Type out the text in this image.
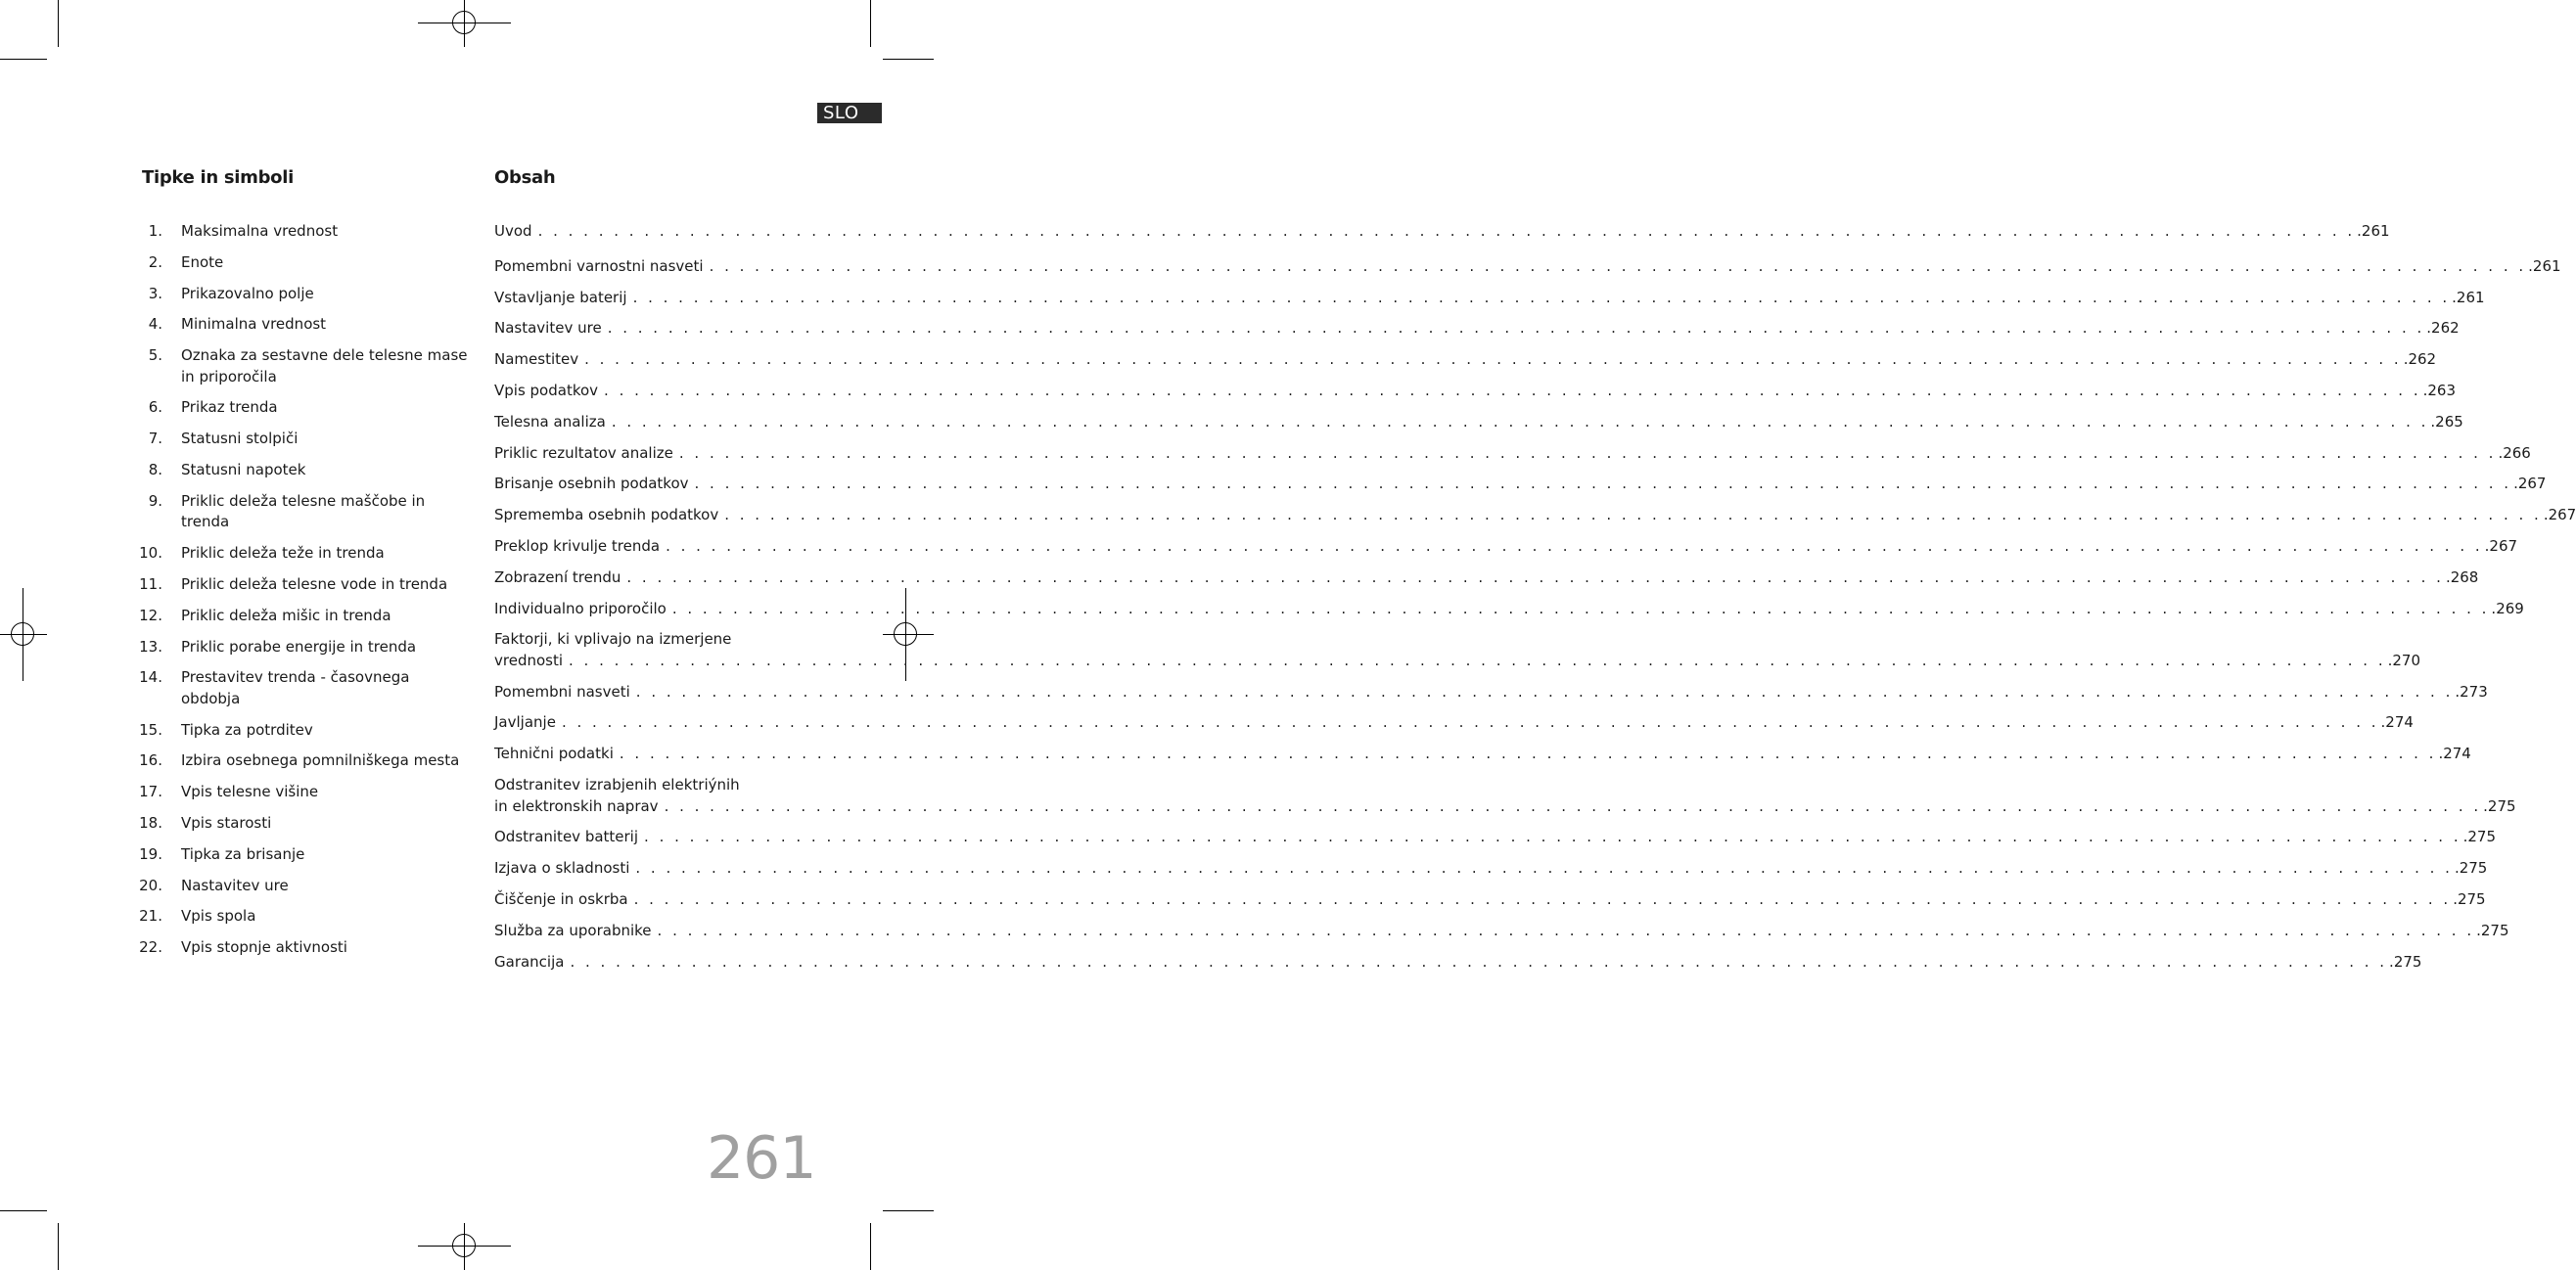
SLO
Tipke in simboli
1. Maksimalna vrednost
2. Enote
3. Prikazovalno polje
4. Minimalna vrednost
5. Oznaka za sestavne dele telesne mase in priporočila
6. Prikaz trenda
7. Statusni stolpiči
8. Statusni napotek
9. Priklic deleža telesne maščobe in trenda
10. Priklic deleža teže in trenda
11. Priklic deleža telesne vode in trenda
12. Priklic deleža mišic in trenda
13. Priklic porabe energije in trenda
14. Prestavitev trenda - časovnega obdobja
15. Tipka za potrditev
16. Izbira osebnega pomnilniškega mesta
17. Vpis telesne višine
18. Vpis starosti
19. Tipka za brisanje
20. Nastavitev ure
21. Vpis spola
22. Vpis stopnje aktivnosti
Obsah
Uvod . . . . . . . . . . . . . . . . . . . . . . . . . . . . . . . . . . . . . . . . . . . . . . . . . . . . . . . . . . . . . . . . . . . . . . . . . . . . . . . . . . . . . . . . . . . . . . . . . . . . . . . . . . . . . . . . . . . . . . . . .261
Pomembni varnostni nasveti . . . . . . . . . . . . . . . . . . . . . . . . . . . . . . . . . . . . . . . . . . . . . . . . . . . . . . . . . . . . . . . . . . . . . . . . . . . . . . . . . . . . . . . . . . . . . . . . . . . . . . . . . . . . . . . . . . . . . . . . .261
Vstavljanje baterij . . . . . . . . . . . . . . . . . . . . . . . . . . . . . . . . . . . . . . . . . . . . . . . . . . . . . . . . . . . . . . . . . . . . . . . . . . . . . . . . . . . . . . . . . . . . . . . . . . . . . . . . . . . . . . . . . . . . . . . . .261
Nastavitev ure . . . . . . . . . . . . . . . . . . . . . . . . . . . . . . . . . . . . . . . . . . . . . . . . . . . . . . . . . . . . . . . . . . . . . . . . . . . . . . . . . . . . . . . . . . . . . . . . . . . . . . . . . . . . . . . . . . . . . . . . .262
Namestitev . . . . . . . . . . . . . . . . . . . . . . . . . . . . . . . . . . . . . . . . . . . . . . . . . . . . . . . . . . . . . . . . . . . . . . . . . . . . . . . . . . . . . . . . . . . . . . . . . . . . . . . . . . . . . . . . . . . . . . . . .262
Vpis podatkov . . . . . . . . . . . . . . . . . . . . . . . . . . . . . . . . . . . . . . . . . . . . . . . . . . . . . . . . . . . . . . . . . . . . . . . . . . . . . . . . . . . . . . . . . . . . . . . . . . . . . . . . . . . . . . . . . . . . . . . . .263
Telesna analiza . . . . . . . . . . . . . . . . . . . . . . . . . . . . . . . . . . . . . . . . . . . . . . . . . . . . . . . . . . . . . . . . . . . . . . . . . . . . . . . . . . . . . . . . . . . . . . . . . . . . . . . . . . . . . . . . . . . . . . . . .265
Priklic rezultatov analize . . . . . . . . . . . . . . . . . . . . . . . . . . . . . . . . . . . . . . . . . . . . . . . . . . . . . . . . . . . . . . . . . . . . . . . . . . . . . . . . . . . . . . . . . . . . . . . . . . . . . . . . . . . . . . . . . . . . . . . . .266
Brisanje osebnih podatkov . . . . . . . . . . . . . . . . . . . . . . . . . . . . . . . . . . . . . . . . . . . . . . . . . . . . . . . . . . . . . . . . . . . . . . . . . . . . . . . . . . . . . . . . . . . . . . . . . . . . . . . . . . . . . . . . . . . . . . . . .267
Sprememba osebnih podatkov . . . . . . . . . . . . . . . . . . . . . . . . . . . . . . . . . . . . . . . . . . . . . . . . . . . . . . . . . . . . . . . . . . . . . . . . . . . . . . . . . . . . . . . . . . . . . . . . . . . . . . . . . . . . . . . . . . . . . . . . .267
Preklop krivulje trenda . . . . . . . . . . . . . . . . . . . . . . . . . . . . . . . . . . . . . . . . . . . . . . . . . . . . . . . . . . . . . . . . . . . . . . . . . . . . . . . . . . . . . . . . . . . . . . . . . . . . . . . . . . . . . . . . . . . . . . . . .267
Zobrazení trendu . . . . . . . . . . . . . . . . . . . . . . . . . . . . . . . . . . . . . . . . . . . . . . . . . . . . . . . . . . . . . . . . . . . . . . . . . . . . . . . . . . . . . . . . . . . . . . . . . . . . . . . . . . . . . . . . . . . . . . . . .268
Individualno priporočilo . . . . . . . . . . . . . . . . . . . . . . . . . . . . . . . . . . . . . . . . . . . . . . . . . . . . . . . . . . . . . . . . . . . . . . . . . . . . . . . . . . . . . . . . . . . . . . . . . . . . . . . . . . . . . . . . . . . . . . . . .269
Faktorji, ki vplivajo na izmerjene
vrednosti . . . . . . . . . . . . . . . . . . . . . . . . . . . . . . . . . . . . . . . . . . . . . . . . . . . . . . . . . . . . . . . . . . . . . . . . . . . . . . . . . . . . . . . . . . . . . . . . . . . . . . . . . . . . . . . . . . . . . . . . .270
Pomembni nasveti . . . . . . . . . . . . . . . . . . . . . . . . . . . . . . . . . . . . . . . . . . . . . . . . . . . . . . . . . . . . . . . . . . . . . . . . . . . . . . . . . . . . . . . . . . . . . . . . . . . . . . . . . . . . . . . . . . . . . . . . .273
Javljanje . . . . . . . . . . . . . . . . . . . . . . . . . . . . . . . . . . . . . . . . . . . . . . . . . . . . . . . . . . . . . . . . . . . . . . . . . . . . . . . . . . . . . . . . . . . . . . . . . . . . . . . . . . . . . . . . . . . . . . . . .274
Tehnični podatki . . . . . . . . . . . . . . . . . . . . . . . . . . . . . . . . . . . . . . . . . . . . . . . . . . . . . . . . . . . . . . . . . . . . . . . . . . . . . . . . . . . . . . . . . . . . . . . . . . . . . . . . . . . . . . . . . . . . . . . . .274
Odstranitev izrabjenih elektriýnih
in elektronskih naprav . . . . . . . . . . . . . . . . . . . . . . . . . . . . . . . . . . . . . . . . . . . . . . . . . . . . . . . . . . . . . . . . . . . . . . . . . . . . . . . . . . . . . . . . . . . . . . . . . . . . . . . . . . . . . . . . . . . . . . . . .275
Odstranitev batterij . . . . . . . . . . . . . . . . . . . . . . . . . . . . . . . . . . . . . . . . . . . . . . . . . . . . . . . . . . . . . . . . . . . . . . . . . . . . . . . . . . . . . . . . . . . . . . . . . . . . . . . . . . . . . . . . . . . . . . . . .275
Izjava o skladnosti . . . . . . . . . . . . . . . . . . . . . . . . . . . . . . . . . . . . . . . . . . . . . . . . . . . . . . . . . . . . . . . . . . . . . . . . . . . . . . . . . . . . . . . . . . . . . . . . . . . . . . . . . . . . . . . . . . . . . . . . .275
Čiščenje in oskrba . . . . . . . . . . . . . . . . . . . . . . . . . . . . . . . . . . . . . . . . . . . . . . . . . . . . . . . . . . . . . . . . . . . . . . . . . . . . . . . . . . . . . . . . . . . . . . . . . . . . . . . . . . . . . . . . . . . . . . . . .275
Služba za uporabnike . . . . . . . . . . . . . . . . . . . . . . . . . . . . . . . . . . . . . . . . . . . . . . . . . . . . . . . . . . . . . . . . . . . . . . . . . . . . . . . . . . . . . . . . . . . . . . . . . . . . . . . . . . . . . . . . . . . . . . . . .275
Garancija . . . . . . . . . . . . . . . . . . . . . . . . . . . . . . . . . . . . . . . . . . . . . . . . . . . . . . . . . . . . . . . . . . . . . . . . . . . . . . . . . . . . . . . . . . . . . . . . . . . . . . . . . . . . . . . . . . . . . . . . .275
261
